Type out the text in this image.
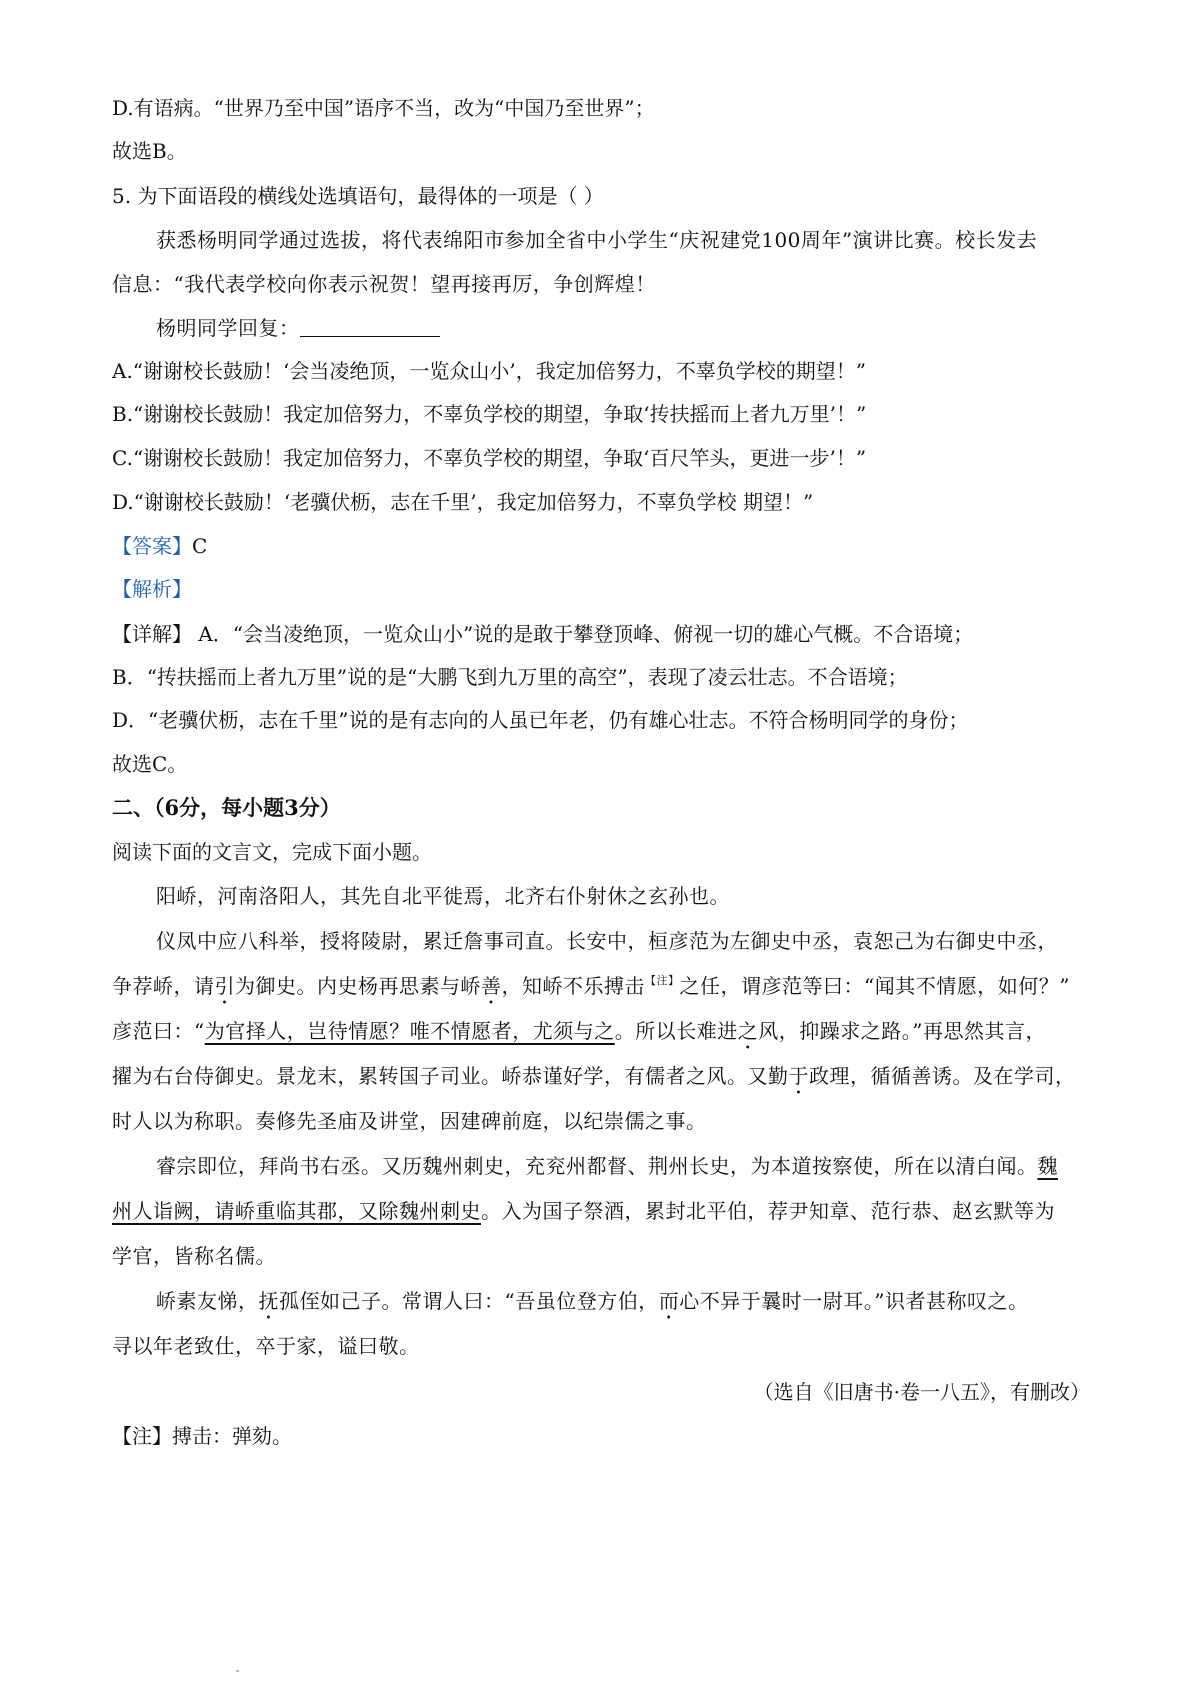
D.有语病。“世界乃至中国”语序不当，改为“中国乃至世界”；
故选B。
5. 为下面语段的横线处选填语句，最得体的一项是（ ）
获悉杨明同学通过选拔，将代表绵阳市参加全省中小学生“庆祝建党100周年”演讲比赛。校长发去
信息：“我代表学校向你表示祝贺！望再接再厉，争创辉煌！
杨明同学回复：
A.“谢谢校长鼓励！‘会当凌绝顶，一览众山小’，我定加倍努力，不辜负学校的期望！”
B.“谢谢校长鼓励！我定加倍努力，不辜负学校的期望，争取‘抟扶摇而上者九万里’！”
C.“谢谢校长鼓励！我定加倍努力，不辜负学校的期望，争取‘百尺竿头，更进一步’！”
D.“谢谢校长鼓励！‘老骥伏枥，志在千里’，我定加倍努力，不辜负学校 期望！”
【答案】C
【解析】
【详解】 A．“会当凌绝顶，一览众山小”说的是敢于攀登顶峰、俯视一切的雄心气概。不合语境；
B．“抟扶摇而上者九万里”说的是“大鹏飞到九万里的高空”，表现了凌云壮志。不合语境；
D．“老骥伏枥，志在千里”说的是有志向的人虽已年老，仍有雄心壮志。不符合杨明同学的身份；
故选C。
二、（6分，每小题3分）
阅读下面的文言文，完成下面小题。
阳峤，河南洛阳人，其先自北平徙焉，北齐右仆射休之玄孙也。
仪凤中应八科举，授将陵尉，累迁詹事司直。长安中，桓彦范为左御史中丞，袁恕己为右御史中丞，
争荐峤，请引为御史。内史杨再思素与峤善，知峤不乐搏击$^{【注】}$之任，谓彦范等曰：“闻其不情愿，如何？”
彦范曰：“为官择人，岂待情愿？唯不情愿者，尤须与之。所以长难进之风，抑躁求之路。”再思然其言，
擢为右台侍御史。景龙末，累转国子司业。峤恭谨好学，有儒者之风。又勤于政理，循循善诱。及在学司，
时人以为称职。奏修先圣庙及讲堂，因建碑前庭，以纪崇儒之事。
睿宗即位，拜尚书右丞。又历魏州刺史，充兖州都督、荆州长史，为本道按察使，所在以清白闻。魏
州人诣阙，请峤重临其郡，又除魏州刺史。入为国子祭酒，累封北平伯，荐尹知章、范行恭、赵玄默等为
学官，皆称名儒。
峤素友悌，抚孤侄如己子。常谓人曰：“吾虽位登方伯，而心不异于曩时一尉耳。”识者甚称叹之。
寻以年老致仕，卒于家，谥曰敬。
（选自《旧唐书·卷一八五》，有删改）
【注】搏击：弹劾。
